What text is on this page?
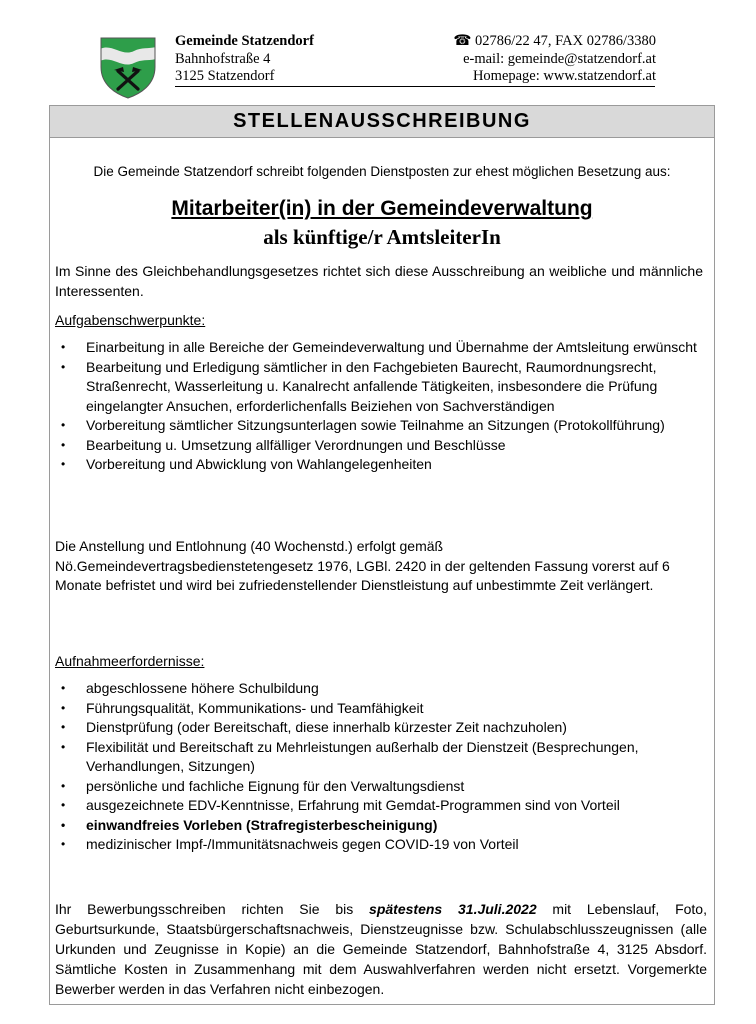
Gemeinde Statzendorf
Bahnhofstraße 4
3125 Statzendorf
☎ 02786/22 47, FAX 02786/3380
e-mail: gemeinde@statzendorf.at
Homepage: www.statzendorf.at
STELLENAUSSCHREIBUNG
Die Gemeinde Statzendorf schreibt folgenden Dienstposten zur ehest möglichen Besetzung aus:
Mitarbeiter(in) in der Gemeindeverwaltung
als künftige/r AmtsleiterIn
Im Sinne des Gleichbehandlungsgesetzes richtet sich diese Ausschreibung an weibliche und männliche Interessenten.
Aufgabenschwerpunkte:
• Einarbeitung in alle Bereiche der Gemeindeverwaltung und Übernahme der Amtsleitung erwünscht
• Bearbeitung und Erledigung sämtlicher in den Fachgebieten Baurecht, Raumordnungsrecht, Straßenrecht, Wasserleitung u. Kanalrecht anfallende Tätigkeiten, insbesondere die Prüfung eingelangter Ansuchen, erforderlichenfalls Beiziehen von Sachverständigen
• Vorbereitung sämtlicher Sitzungsunterlagen sowie Teilnahme an Sitzungen (Protokollführung)
• Bearbeitung u. Umsetzung allfälliger Verordnungen und Beschlüsse
• Vorbereitung und Abwicklung von Wahlangelegenheiten
Die Anstellung und Entlohnung (40 Wochenstd.) erfolgt gemäß Nö.Gemeindevertragsbedienstetengesetz 1976, LGBl. 2420 in der geltenden Fassung vorerst auf 6 Monate befristet und wird bei zufriedenstellender Dienstleistung auf unbestimmte Zeit verlängert.
Aufnahmeerfordernisse:
• abgeschlossene höhere Schulbildung
• Führungsqualität, Kommunikations- und Teamfähigkeit
• Dienstprüfung (oder Bereitschaft, diese innerhalb kürzester Zeit nachzuholen)
• Flexibilität und Bereitschaft zu Mehrleistungen außerhalb der Dienstzeit (Besprechungen, Verhandlungen, Sitzungen)
• persönliche und fachliche Eignung für den Verwaltungsdienst
• ausgezeichnete EDV-Kenntnisse, Erfahrung mit Gemdat-Programmen sind von Vorteil
• einwandfreies Vorleben (Strafregisterbescheinigung)
• medizinischer Impf-/Immunitätsnachweis gegen COVID-19 von Vorteil
Ihr Bewerbungsschreiben richten Sie bis spätestens 31.Juli.2022 mit Lebenslauf, Foto, Geburtsurkunde, Staatsbürgerschaftsnachweis, Dienstzeugnisse bzw. Schulabschlusszeugnissen (alle Urkunden und Zeugnisse in Kopie) an die Gemeinde Statzendorf, Bahnhofstraße 4, 3125 Absdorf. Sämtliche Kosten in Zusammenhang mit dem Auswahlverfahren werden nicht ersetzt. Vorgemerkte Bewerber werden in das Verfahren nicht einbezogen.
